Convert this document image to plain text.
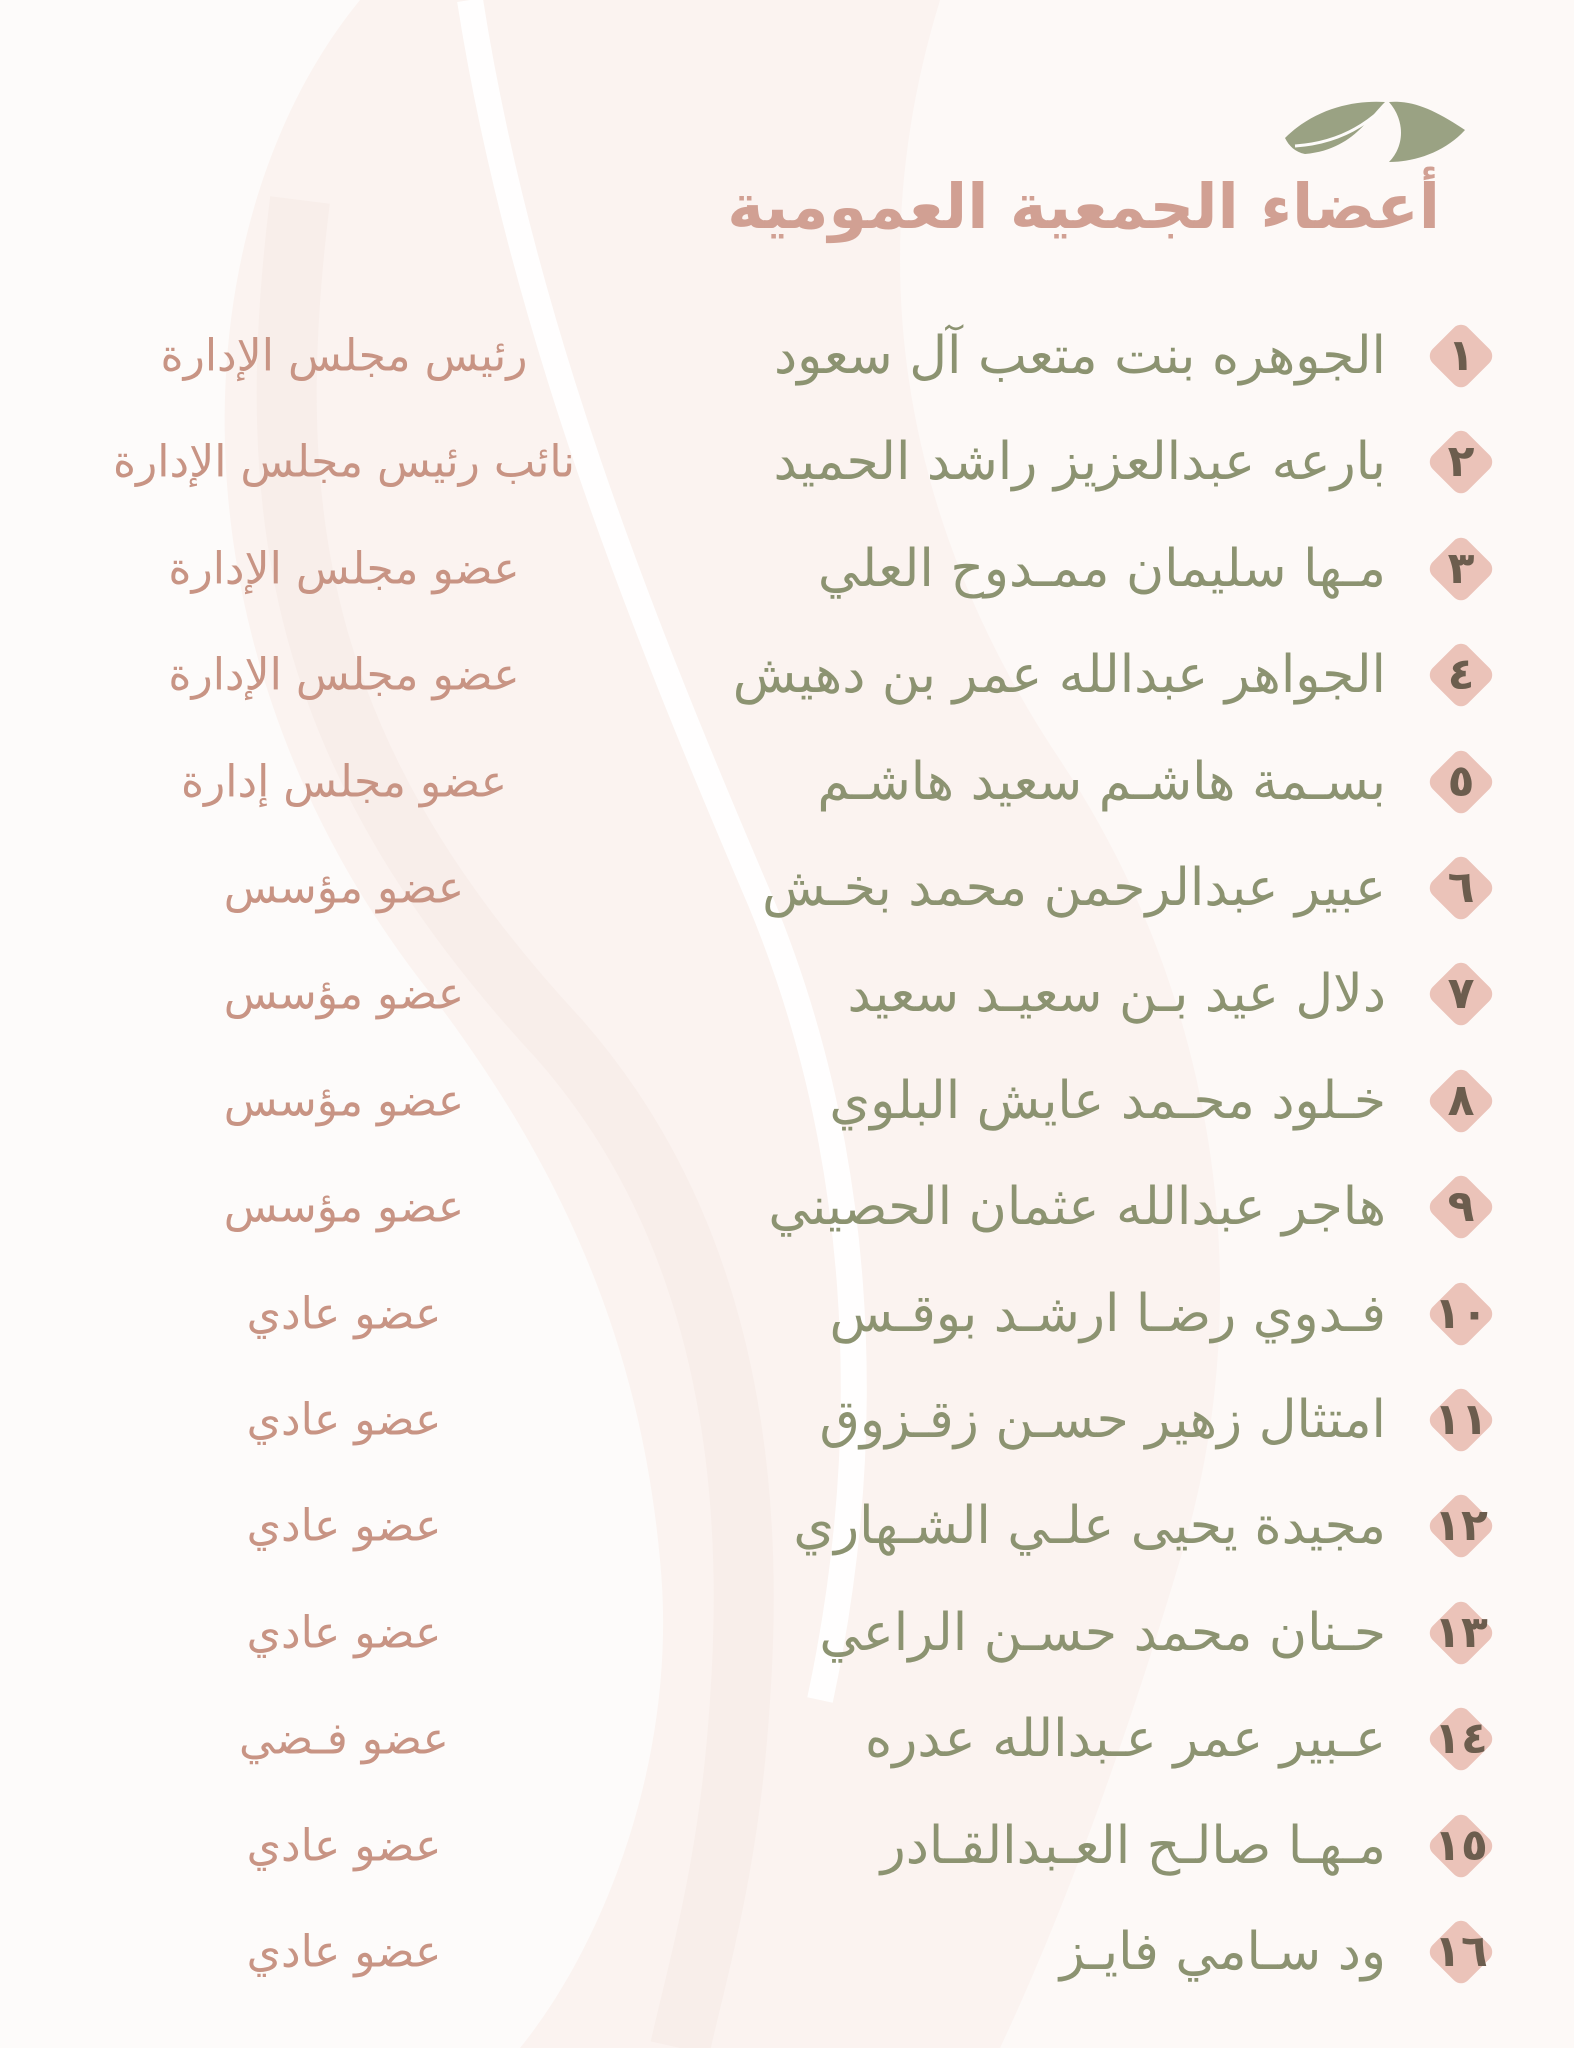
أعضاء الجمعية العمومية
١
الجوهره بنت متعب آل سعود
رئيس مجلس الإدارة
٢
بارعه عبدالعزيز راشد الحميد
نائب رئيس مجلس الإدارة
٣
مـها سليمان ممـدوح العلي
عضو مجلس الإدارة
٤
الجواهر عبدالله عمر بن دهيش
عضو مجلس الإدارة
٥
بسـمة هاشـم سعيد هاشـم
عضو مجلس إدارة
٦
عبير عبدالرحمن محمد بخـش
عضو مؤسس
٧
دلال عيد بـن سعيـد سعيد
عضو مؤسس
٨
خـلود محـمد عايش البلوي
عضو مؤسس
٩
هاجر عبدالله عثمان الحصيني
عضو مؤسس
١٠
فـدوي رضـا ارشـد بوقـس
عضو عادي
١١
امتثال زهير حسـن زقـزوق
عضو عادي
١٢
مجيدة يحيى علـي الشـهاري
عضو عادي
١٣
حـنان محمد حسـن الراعي
عضو عادي
١٤
عـبير عمر عـبدالله عدره
عضو فـضي
١٥
مـهـا صالـح العـبدالقـادر
عضو عادي
١٦
ود سـامي فايـز
عضو عادي
